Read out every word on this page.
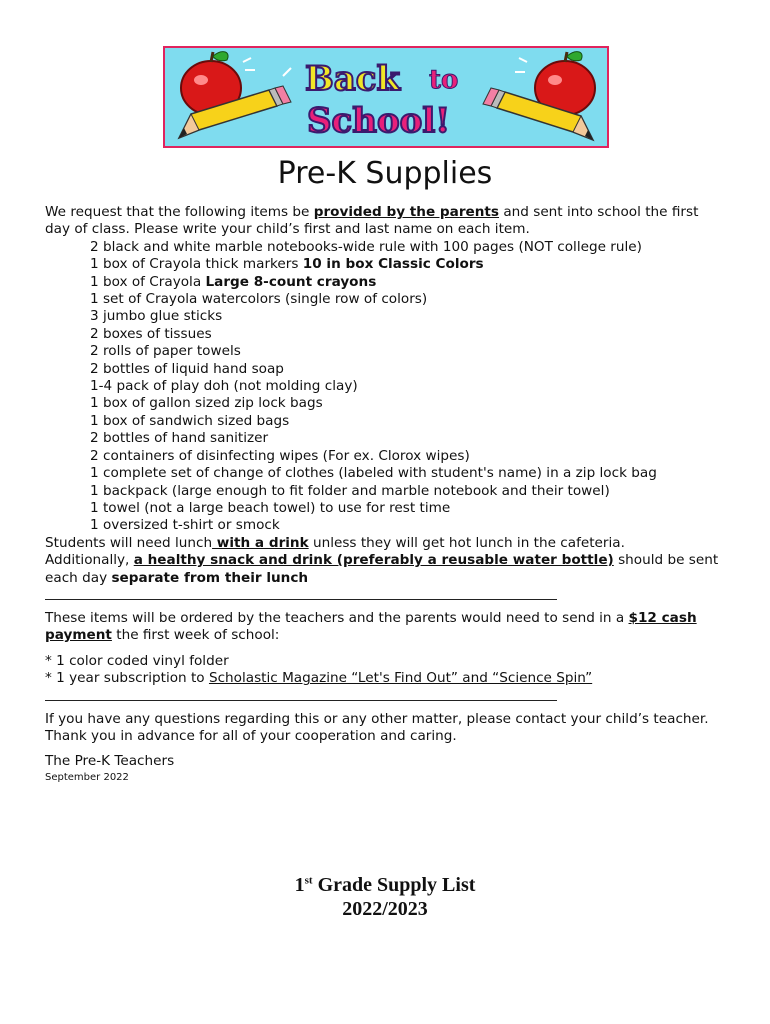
Back to
School!
Pre-K Supplies

We request that the following items be provided by the parents and sent into school the first day of class. Please write your child’s first and last name on each item.

2 black and white marble notebooks-wide rule with 100 pages (NOT college rule)
1 box of Crayola thick markers 10 in box Classic Colors
1 box of Crayola Large 8-count crayons
1 set of Crayola watercolors (single row of colors)
3 jumbo glue sticks
2 boxes of tissues
2 rolls of paper towels
2 bottles of liquid hand soap
1-4 pack of play doh (not molding clay)
1 box of gallon sized zip lock bags
1 box of sandwich sized bags
2 bottles of hand sanitizer
2 containers of disinfecting wipes (For ex. Clorox wipes)
1 complete set of change of clothes (labeled with student's name) in a zip lock bag
1 backpack (large enough to fit folder and marble notebook and their towel)
1 towel (not a large beach towel) to use for rest time
1 oversized t-shirt or smock

Students will need lunch with a drink unless they will get hot lunch in the cafeteria.

Additionally, a healthy snack and drink (preferably a reusable water bottle) should be sent each day separate from their lunch

These items will be ordered by the teachers and the parents would need to send in a $12 cash payment the first week of school:

* 1 color coded vinyl folder

* 1 year subscription to Scholastic Magazine “Let's Find Out” and “Science Spin”

If you have any questions regarding this or any other matter, please contact your child’s teacher. Thank you in advance for all of your cooperation and caring.

The Pre-K Teachers

September 2022

1st Grade Supply List
2022/2023
